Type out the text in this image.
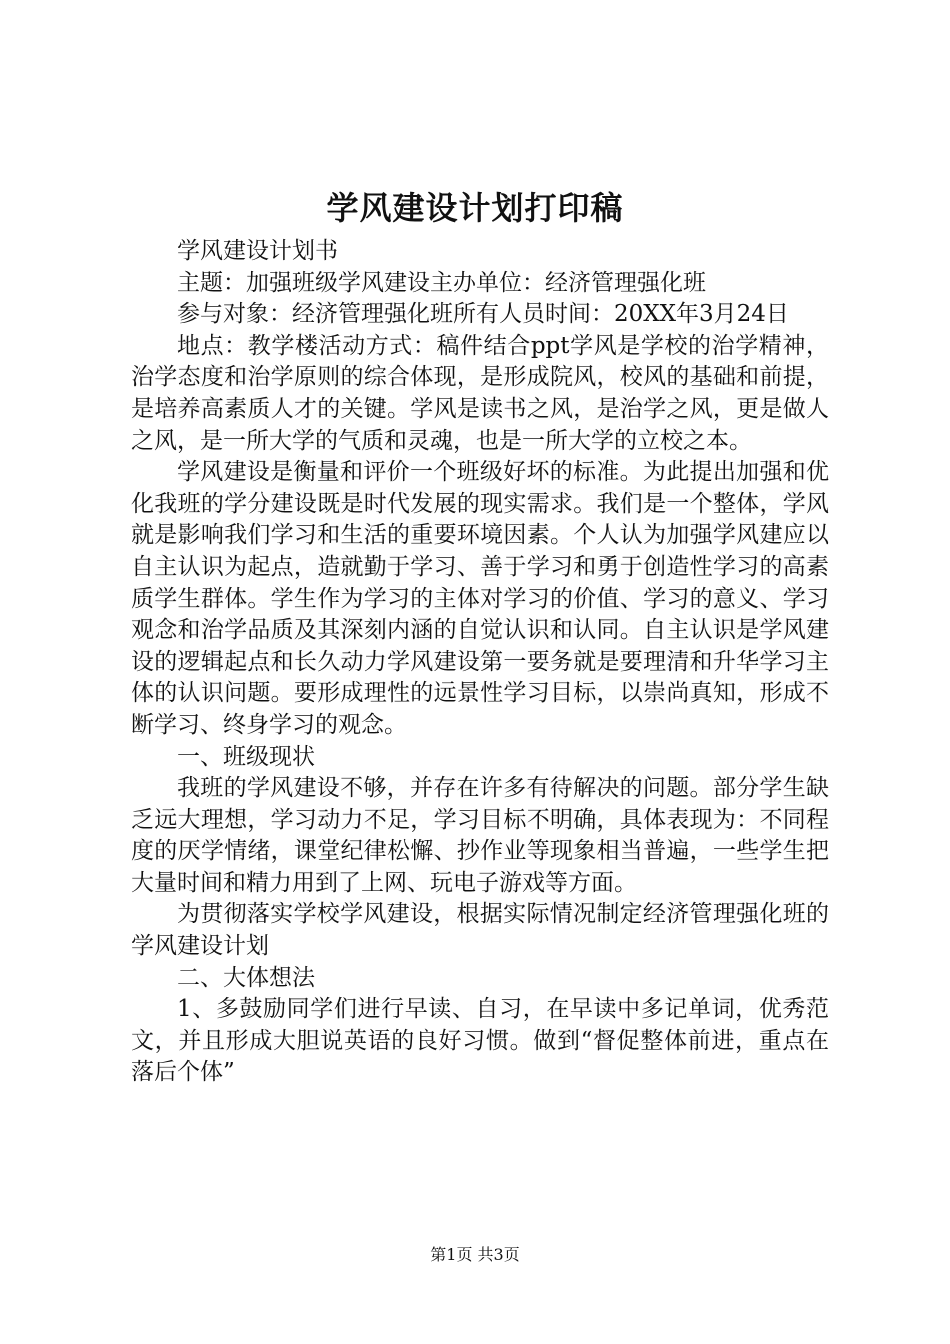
学风建设计划打印稿

学风建设计划书

主题：加强班级学风建设主办单位：经济管理强化班

参与对象：经济管理强化班所有人员时间：20XX年3月24日

地点：教学楼活动方式：稿件结合ppt学风是学校的治学精神，治学态度和治学原则的综合体现，是形成院风，校风的基础和前提，是培养高素质人才的关键。学风是读书之风，是治学之风，更是做人之风，是一所大学的气质和灵魂，也是一所大学的立校之本。

学风建设是衡量和评价一个班级好坏的标准。为此提出加强和优化我班的学分建设既是时代发展的现实需求。我们是一个整体，学风就是影响我们学习和生活的重要环境因素。个人认为加强学风建应以自主认识为起点，造就勤于学习、善于学习和勇于创造性学习的高素质学生群体。学生作为学习的主体对学习的价值、学习的意义、学习观念和治学品质及其深刻内涵的自觉认识和认同。自主认识是学风建设的逻辑起点和长久动力学风建设第一要务就是要理清和升华学习主体的认识问题。要形成理性的远景性学习目标，以崇尚真知，形成不断学习、终身学习的观念。

一、班级现状

我班的学风建设不够，并存在许多有待解决的问题。部分学生缺乏远大理想，学习动力不足，学习目标不明确，具体表现为：不同程度的厌学情绪，课堂纪律松懈、抄作业等现象相当普遍，一些学生把大量时间和精力用到了上网、玩电子游戏等方面。

为贯彻落实学校学风建设，根据实际情况制定经济管理强化班的学风建设计划

二、大体想法

1、多鼓励同学们进行早读、自习，在早读中多记单词，优秀范文，并且形成大胆说英语的良好习惯。做到“督促整体前进，重点在落后个体”

第1页 共3页
